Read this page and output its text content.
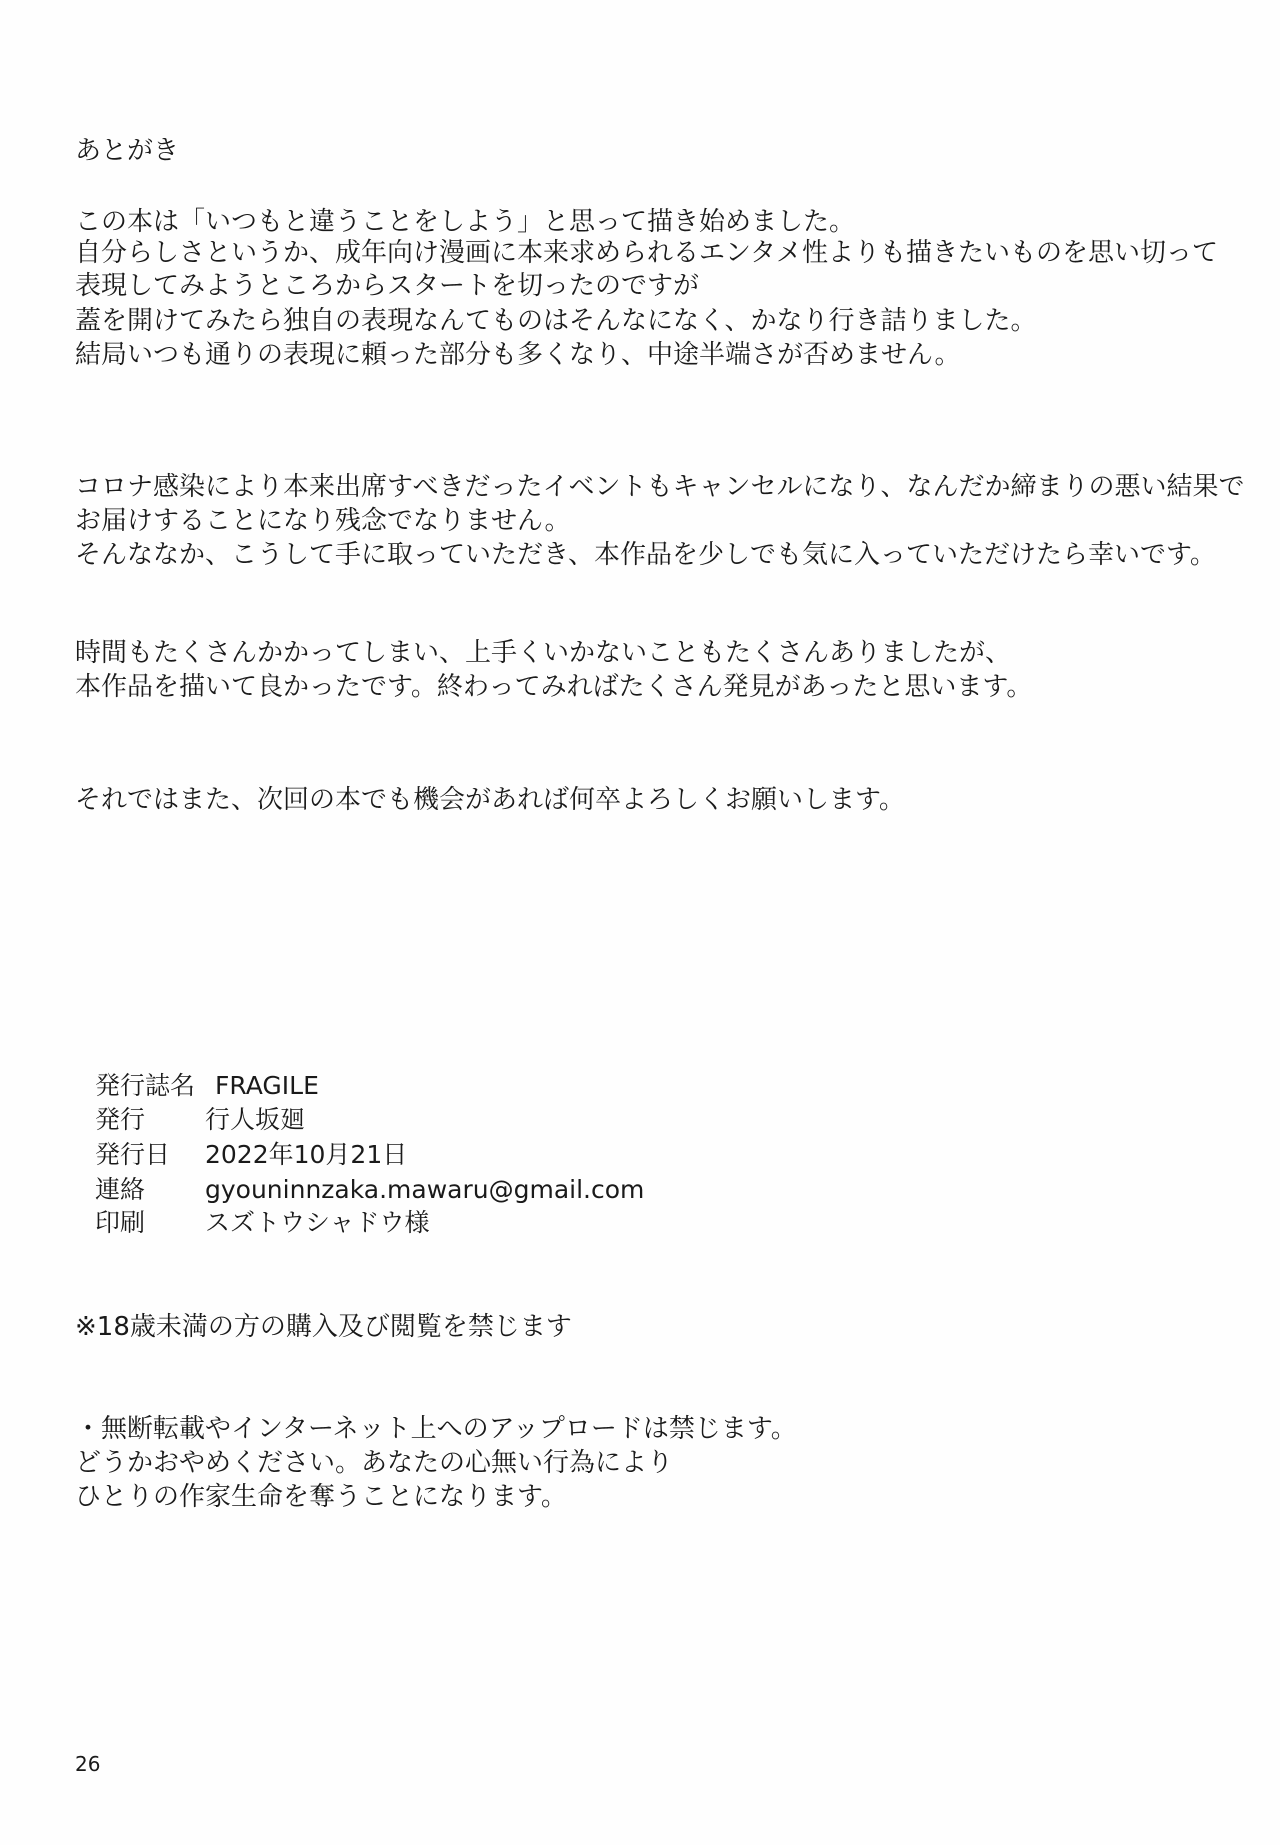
あとがき
この本は「いつもと違うことをしよう」と思って描き始めました。
自分らしさというか、成年向け漫画に本来求められるエンタメ性よりも描きたいものを思い切って
表現してみようところからスタートを切ったのですが
蓋を開けてみたら独自の表現なんてものはそんなになく、かなり行き詰りました。
結局いつも通りの表現に頼った部分も多くなり、中途半端さが否めません。
コロナ感染により本来出席すべきだったイベントもキャンセルになり、なんだか締まりの悪い結果で
お届けすることになり残念でなりません。
そんななか、こうして手に取っていただき、本作品を少しでも気に入っていただけたら幸いです。
時間もたくさんかかってしまい、上手くいかないこともたくさんありましたが、
本作品を描いて良かったです。終わってみればたくさん発見があったと思います。
それではまた、次回の本でも機会があれば何卒よろしくお願いします。
発行誌名 FRAGILE
発行 行人坂廻
発行日 2022年10月21日
連絡 gyouninnzaka.mawaru@gmail.com
印刷 スズトウシャドウ様
※18歳未満の方の購入及び閲覧を禁じます
・無断転載やインターネット上へのアップロードは禁じます。
どうかおやめください。あなたの心無い行為により
ひとりの作家生命を奪うことになります。
26
